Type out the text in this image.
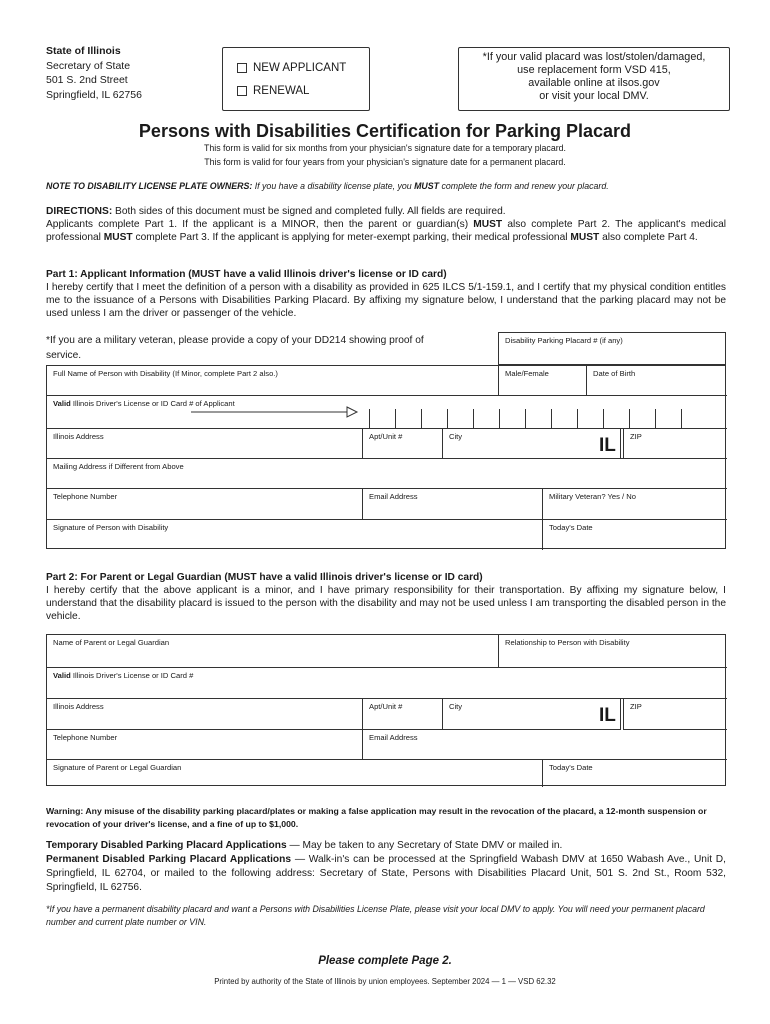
State of Illinois
Secretary of State
501 S. 2nd Street
Springfield, IL 62756
NEW APPLICANT
RENEWAL
*If your valid placard was lost/stolen/damaged,
use replacement form VSD 415,
available online at ilsos.gov
or visit your local DMV.
Persons with Disabilities Certification for Parking Placard
This form is valid for six months from your physician's signature date for a temporary placard.
This form is valid for four years from your physician's signature date for a permanent placard.
NOTE TO DISABILITY LICENSE PLATE OWNERS: If you have a disability license plate, you MUST complete the form and renew your placard.
DIRECTIONS: Both sides of this document must be signed and completed fully. All fields are required.
Applicants complete Part 1. If the applicant is a MINOR, then the parent or guardian(s) MUST also complete Part 2. The applicant's medical professional MUST complete Part 3. If the applicant is applying for meter-exempt parking, their medical professional MUST also complete Part 4.
Part 1: Applicant Information (MUST have a valid Illinois driver's license or ID card)
I hereby certify that I meet the definition of a person with a disability as provided in 625 ILCS 5/1-159.1, and I certify that my physical condition entitles me to the issuance of a Persons with Disabilities Parking Placard. By affixing my signature below, I understand that the parking placard may not be used unless I am the driver or passenger of the vehicle.
*If you are a military veteran, please provide a copy of your DD214 showing proof of service.
Disability Parking Placard # (if any)
Full Name of Person with Disability (If Minor, complete Part 2 also.)	Male/Female	Date of Birth
Valid Illinois Driver's License or ID Card # of Applicant
Illinois Address	Apt/Unit #	City	IL	ZIP
Mailing Address if Different from Above
Telephone Number	Email Address	Military Veteran? Yes / No
Signature of Person with Disability	Today's Date
Part 2: For Parent or Legal Guardian (MUST have a valid Illinois driver's license or ID card)
I hereby certify that the above applicant is a minor, and I have primary responsibility for their transportation. By affixing my signature below, I understand that the disability placard is issued to the person with the disability and may not be used unless I am transporting the disabled person in the vehicle.
Name of Parent or Legal Guardian	Relationship to Person with Disability
Valid Illinois Driver's License or ID Card #
Illinois Address	Apt/Unit #	City	IL	ZIP
Telephone Number	Email Address
Signature of Parent or Legal Guardian	Today's Date
Warning: Any misuse of the disability parking placard/plates or making a false application may result in the revocation of the placard, a 12-month suspension or revocation of your driver's license, and a fine of up to $1,000.
Temporary Disabled Parking Placard Applications — May be taken to any Secretary of State DMV or mailed in.
Permanent Disabled Parking Placard Applications — Walk-in's can be processed at the Springfield Wabash DMV at 1650 Wabash Ave., Unit D, Springfield, IL 62704, or mailed to the following address: Secretary of State, Persons with Disabilities Placard Unit, 501 S. 2nd St., Room 532, Springfield, IL 62756.
*If you have a permanent disability placard and want a Persons with Disabilities License Plate, please visit your local DMV to apply. You will need your permanent placard number and current plate number or VIN.
Please complete Page 2.
Printed by authority of the State of Illinois by union employees. September 2024 — 1 — VSD 62.32
